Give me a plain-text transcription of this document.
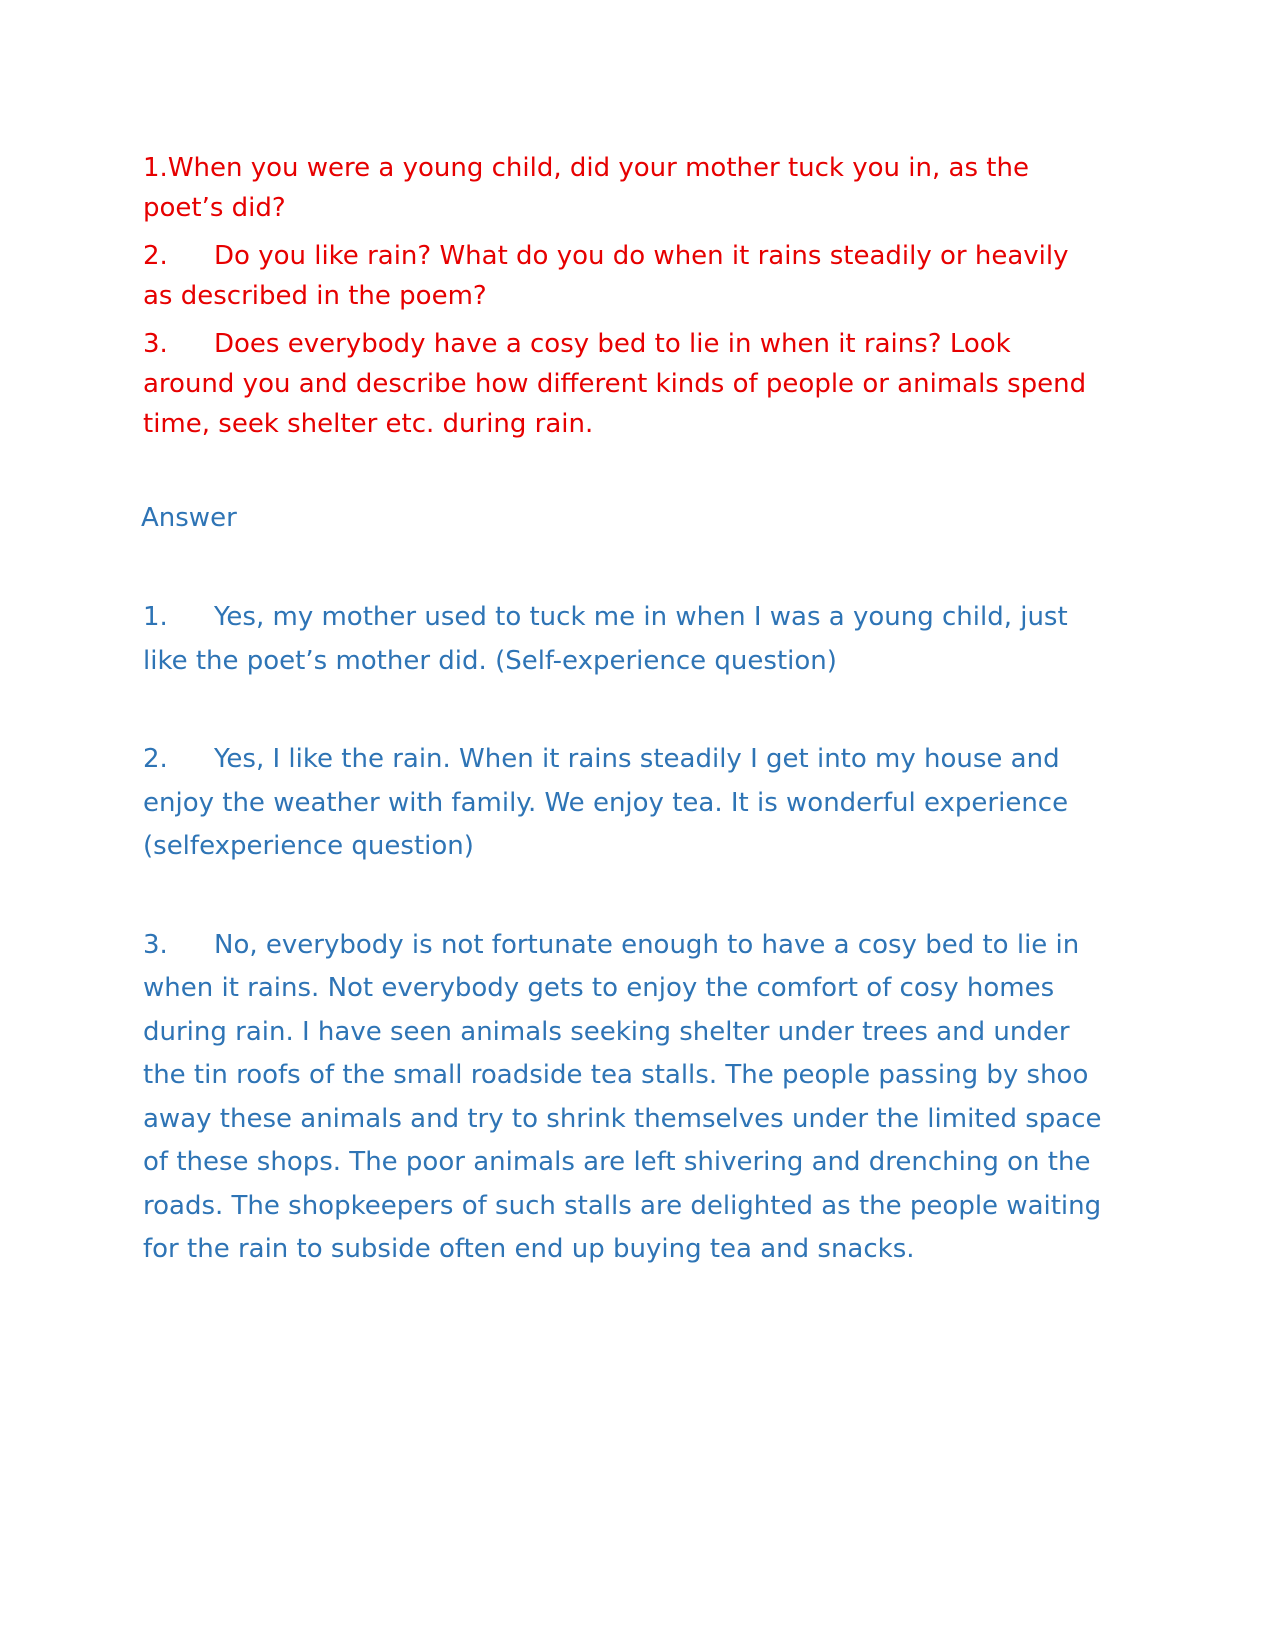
1.When you were a young child, did your mother tuck you in, as the poet’s did?

2. Do you like rain? What do you do when it rains steadily or heavily as described in the poem?

3. Does everybody have a cosy bed to lie in when it rains? Look around you and describe how different kinds of people or animals spend time, seek shelter etc. during rain.

Answer

1. Yes, my mother used to tuck me in when I was a young child, just like the poet’s mother did. (Self-experience question)

2. Yes, I like the rain. When it rains steadily I get into my house and enjoy the weather with family. We enjoy tea. It is wonderful experience (selfexperience question)

3. No, everybody is not fortunate enough to have a cosy bed to lie in when it rains. Not everybody gets to enjoy the comfort of cosy homes during rain. I have seen animals seeking shelter under trees and under the tin roofs of the small roadside tea stalls. The people passing by shoo away these animals and try to shrink themselves under the limited space of these shops. The poor animals are left shivering and drenching on the roads. The shopkeepers of such stalls are delighted as the people waiting for the rain to subside often end up buying tea and snacks.
